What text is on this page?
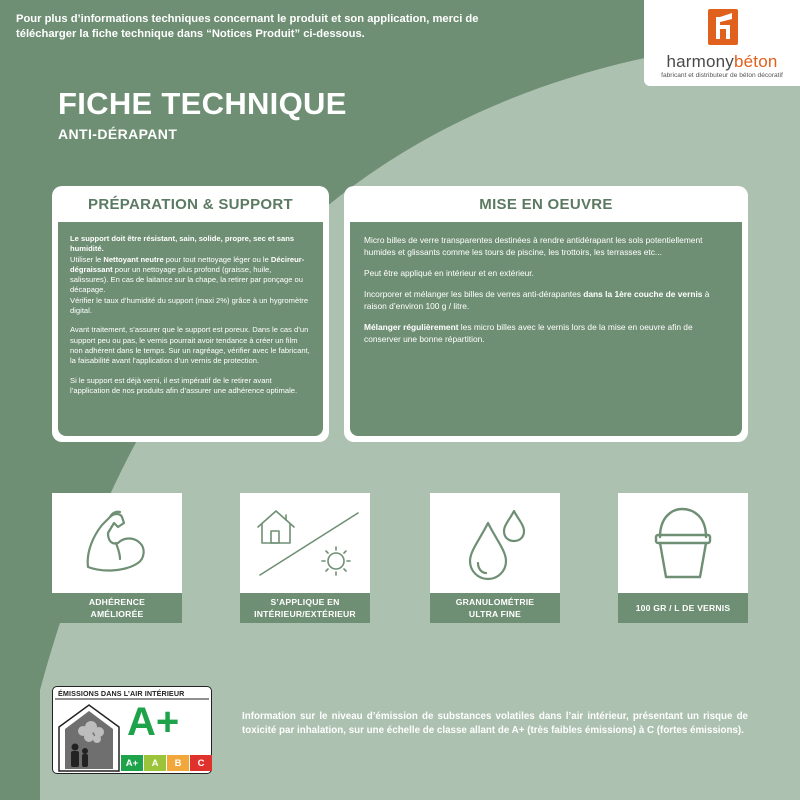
Pour plus d’informations techniques concernant le produit et son application, merci de télécharger la fiche technique dans “Notices Produit” ci-dessous.

harmonybéton
fabricant et distributeur de béton décoratif
FICHE TECHNIQUE
ANTI-DÉRAPANT
PRÉPARATION & SUPPORT

Le support doit être résistant, sain, solide, propre, sec et sans humidité.
Utiliser le Nettoyant neutre pour tout nettoyage léger ou le Décireur-dégraissant pour un nettoyage plus profond (graisse, huile, salissures). En cas de laitance sur la chape, la retirer par ponçage ou décapage.
Vérifier le taux d’humidité du support (maxi 2%) grâce à un hygromètre digital.

Avant traitement, s’assurer que le support est poreux. Dans le cas d’un support peu ou pas, le vernis pourrait avoir tendance à créer un film non adhérent dans le temps. Sur un ragréage, vérifier avec le fabricant, la faisabilité avant l’application d’un vernis de protection.

Si le support est déjà verni, il est impératif de le retirer avant l’application de nos produits afin d’assurer une adhérence optimale.

MISE EN OEUVRE

Micro billes de verre transparentes destinées à rendre antidérapant les sols potentiellement humides et glissants comme les tours de piscine, les trottoirs, les terrasses etc...

Peut être appliqué en intérieur et en extérieur.

Incorporer et mélanger les billes de verres anti-dérapantes dans la 1ère couche de vernis à raison d’environ 100 g / litre.

Mélanger régulièrement les micro billes avec le vernis lors de la mise en oeuvre afin de conserver une bonne répartition.

ADHÉRENCE
AMÉLIORÉE
S’APPLIQUE EN
INTÉRIEUR/EXTÉRIEUR
GRANULOMÉTRIE
ULTRA FINE
100 GR / L DE VERNIS
ÉMISSIONS DANS L’AIR INTÉRIEUR
A+
A+	A	B	C

Information sur le niveau d’émission de substances volatiles dans l’air intérieur, présentant un risque de toxicité par inhalation, sur une échelle de classe allant de A+ (très faibles émissions) à C (fortes émissions).
